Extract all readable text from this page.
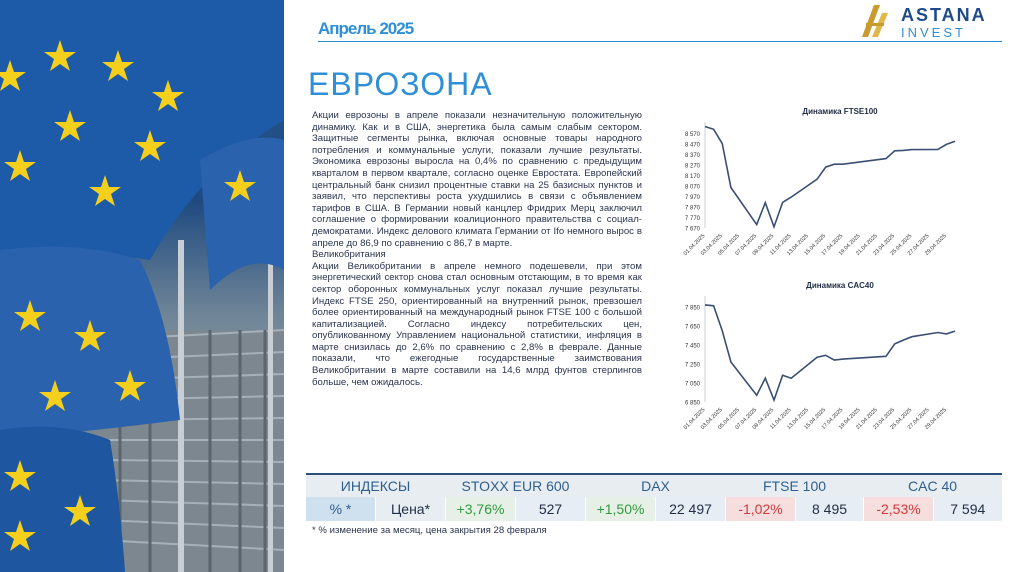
Апрель 2025
ASTANA
INVEST
ЕВРОЗОНА

Акции еврозоны в апреле показали незначительную положительную динамику. Как и в США, энергетика была самым слабым сектором. Защитные сегменты рынка, включая основные товары народного потребления и коммунальные услуги, показали лучшие результаты. Экономика еврозоны выросла на 0,4% по сравнению с предыдущим кварталом в первом квартале, согласно оценке Евростата. Европейский центральный банк снизил процентные ставки на 25 базисных пунктов и заявил, что перспективы роста ухудшились в связи с объявлением тарифов в США. В Германии новый канцлер Фридрих Мерц заключил соглашение о формировании коалиционного правительства с социал-демократами. Индекс делового климата Германии от Ifo немного вырос в апреле до 86,9 по сравнению с 86,7 в марте.

Великобритания

Акции Великобритании в апреле немного подешевели, при этом энергетический сектор снова стал основным отстающим, в то время как сектор оборонных коммунальных услуг показал лучшие результаты. Индекс FTSE 250, ориентированный на внутренний рынок, превзошел более ориентированный на международный рынок FTSE 100 с большой капитализацией. Согласно индексу потребительских цен, опубликованному Управлением национальной статистики, инфляция в марте снизилась до 2,6% по сравнению с 2,8% в феврале. Данные показали, что ежегодные государственные заимствования Великобритании в марте составили на 14,6 млрд фунтов стерлингов больше, чем ожидалось.

Динамика FTSE100
7 670
7 770
7 870
7 970
8 070
8 170
8 270
8 370
8 470
8 570
01.04.2025
03.04.2025
05.04.2025
07.04.2025
09.04.2025
11.04.2025
13.04.2025
15.04.2025
17.04.2025
19.04.2025
21.04.2025
23.04.2025
25.04.2025
27.04.2025
29.04.2025
Динамика CAC40
6 850
7 050
7 250
7 450
7 650
7 850
01.04.2025
03.04.2025
05.04.2025
07.04.2025
09.04.2025
11.04.2025
13.04.2025
15.04.2025
17.04.2025
19.04.2025
21.04.2025
23.04.2025
25.04.2025
27.04.2025
29.04.2025
ИНДЕКСЫ		STOXX EUR 600		DAX		FTSE 100		CAC 40	
% *	Цена*	+3,76%	527	+1,50%	22 497	-1,02%	8 495	-2,53%	7 594
* % изменение за месяц, цена закрытия 28 февраля
